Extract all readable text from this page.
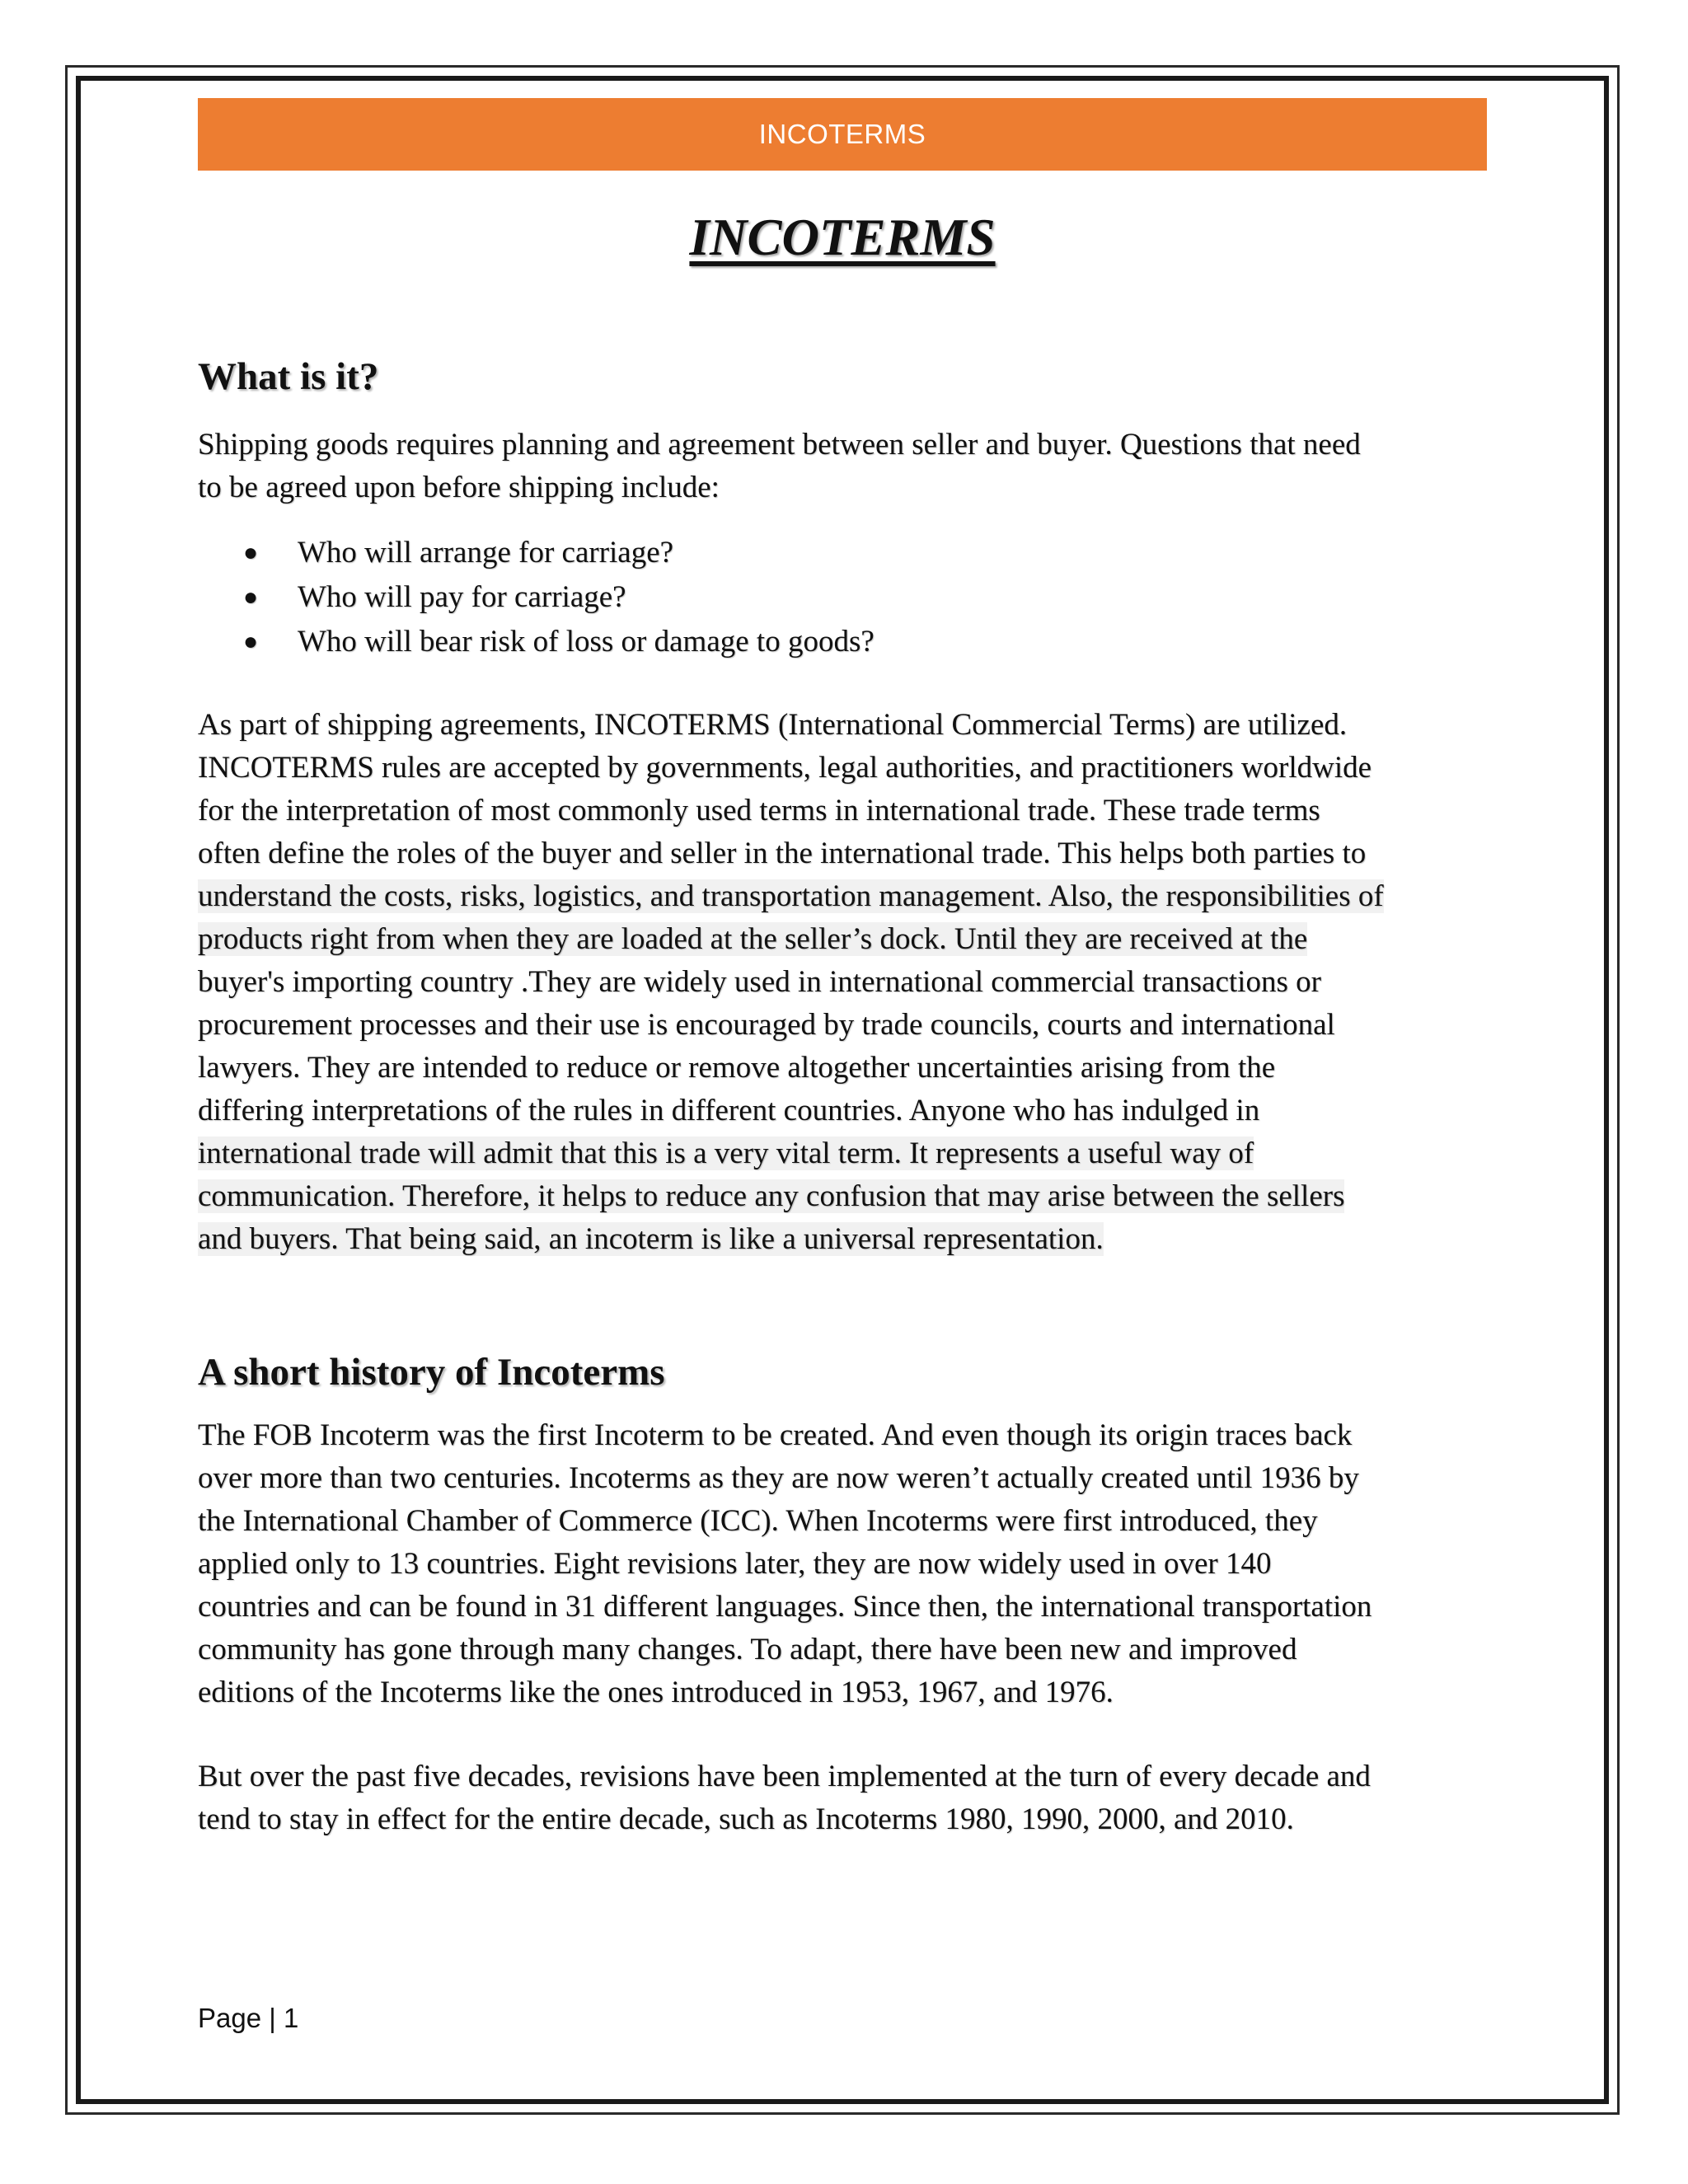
INCOTERMS
INCOTERMS
What is it?

Shipping goods requires planning and agreement between seller and buyer. Questions that need
to be agreed upon before shipping include:

● Who will arrange for carriage?
● Who will pay for carriage?
● Who will bear risk of loss or damage to goods?

As part of shipping agreements, INCOTERMS (International Commercial Terms) are utilized.
INCOTERMS rules are accepted by governments, legal authorities, and practitioners worldwide
for the interpretation of most commonly used terms in international trade. These trade terms
often define the roles of the buyer and seller in the international trade. This helps both parties to
understand the costs, risks, logistics, and transportation management. Also, the responsibilities of
products right from when they are loaded at the seller’s dock. Until they are received at the
buyer's importing country .They are widely used in international commercial transactions or
procurement processes and their use is encouraged by trade councils, courts and international
lawyers. They are intended to reduce or remove altogether uncertainties arising from the
differing interpretations of the rules in different countries. Anyone who has indulged in
international trade will admit that this is a very vital term. It represents a useful way of
communication. Therefore, it helps to reduce any confusion that may arise between the sellers
and buyers. That being said, an incoterm is like a universal representation.

A short history of Incoterms

The FOB Incoterm was the first Incoterm to be created. And even though its origin traces back
over more than two centuries. Incoterms as they are now weren’t actually created until 1936 by
the International Chamber of Commerce (ICC). When Incoterms were first introduced, they
applied only to 13 countries. Eight revisions later, they are now widely used in over 140
countries and can be found in 31 different languages. Since then, the international transportation
community has gone through many changes. To adapt, there have been new and improved
editions of the Incoterms like the ones introduced in 1953, 1967, and 1976.

But over the past five decades, revisions have been implemented at the turn of every decade and
tend to stay in effect for the entire decade, such as Incoterms 1980, 1990, 2000, and 2010.

Page | 1
